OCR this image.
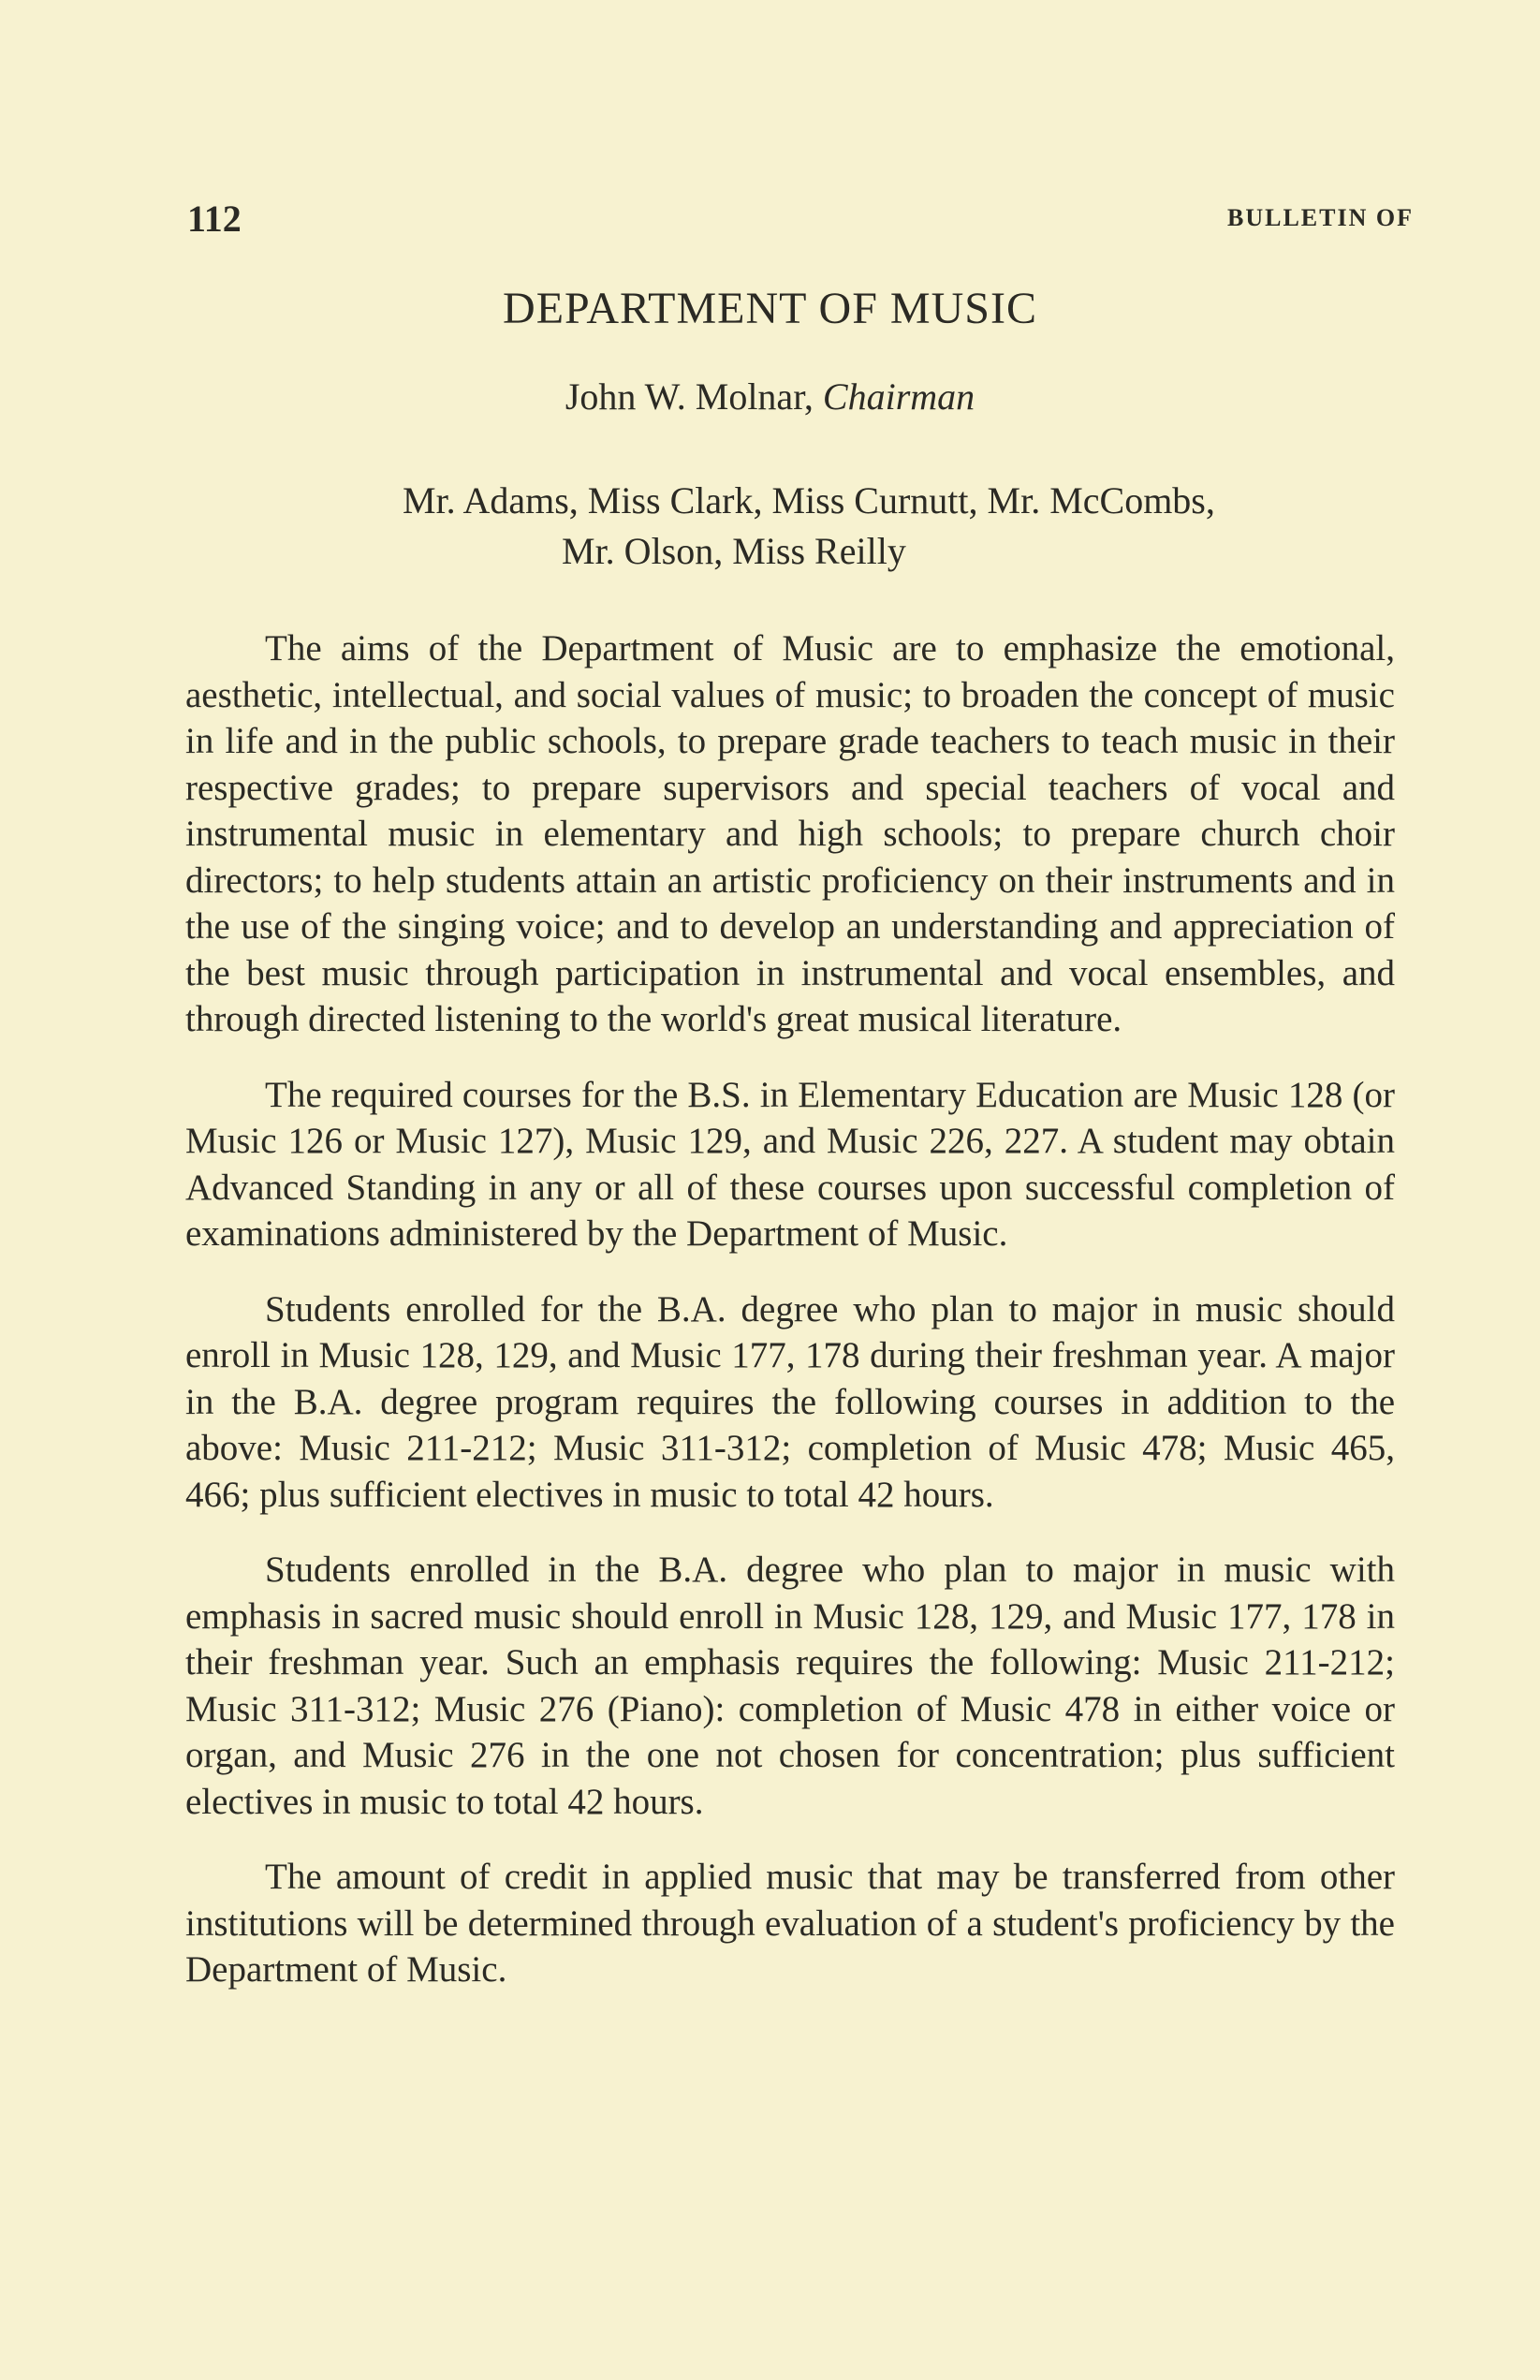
112	BULLETIN OF
DEPARTMENT OF MUSIC
John W. Molnar, Chairman
Mr. Adams, Miss Clark, Miss Curnutt, Mr. McCombs,
Mr. Olson, Miss Reilly

The aims of the Department of Music are to emphasize the emotional, aesthetic, intellectual, and social values of music; to broaden the concept of music in life and in the public schools, to prepare grade teachers to teach music in their respective grades; to prepare supervisors and special teachers of vocal and instrumental music in elementary and high schools; to prepare church choir directors; to help students attain an artistic proficiency on their instruments and in the use of the singing voice; and to develop an understanding and appreciation of the best music through participation in instrumental and vocal ensembles, and through directed listening to the world's great musical literature.

The required courses for the B.S. in Elementary Education are Music 128 (or Music 126 or Music 127), Music 129, and Music 226, 227. A student may obtain Advanced Standing in any or all of these courses upon successful completion of examinations administered by the Department of Music.

Students enrolled for the B.A. degree who plan to major in music should enroll in Music 128, 129, and Music 177, 178 during their freshman year. A major in the B.A. degree program requires the following courses in addition to the above: Music 211-212; Music 311-312; completion of Music 478; Music 465, 466; plus sufficient electives in music to total 42 hours.

Students enrolled in the B.A. degree who plan to major in music with emphasis in sacred music should enroll in Music 128, 129, and Music 177, 178 in their freshman year. Such an emphasis requires the following: Music 211-212; Music 311-312; Music 276 (Piano): completion of Music 478 in either voice or organ, and Music 276 in the one not chosen for concentration; plus sufficient electives in music to total 42 hours.

The amount of credit in applied music that may be transferred from other institutions will be determined through evaluation of a student's proficiency by the Department of Music.
